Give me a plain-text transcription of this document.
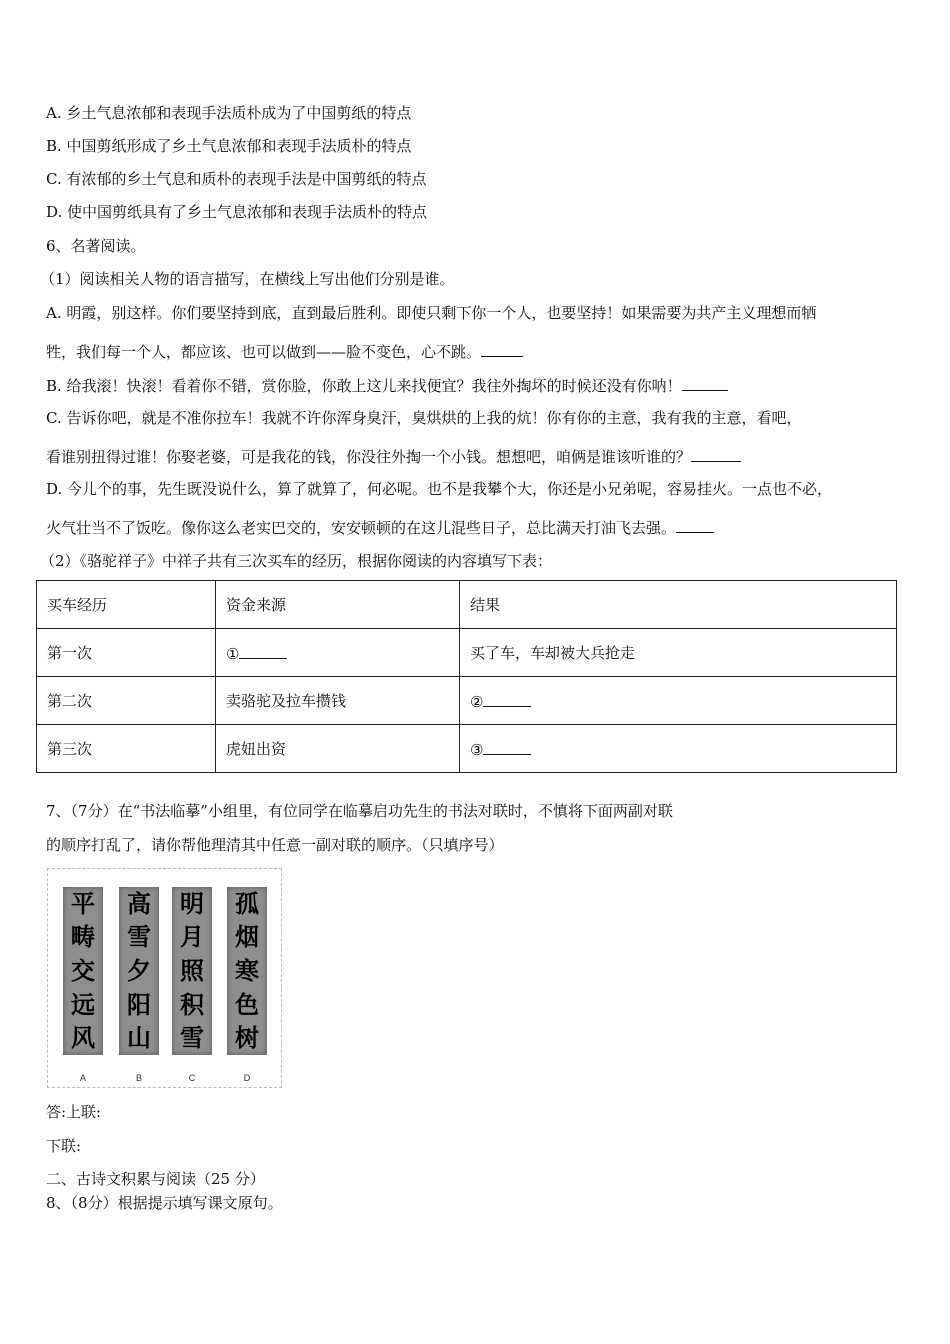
A. 乡土气息浓郁和表现手法质朴成为了中国剪纸的特点
B. 中国剪纸形成了乡土气息浓郁和表现手法质朴的特点
C. 有浓郁的乡土气息和质朴的表现手法是中国剪纸的特点
D. 使中国剪纸具有了乡土气息浓郁和表现手法质朴的特点
6、名著阅读。
（1）阅读相关人物的语言描写，在横线上写出他们分别是谁。
A. 明霞，别这样。你们要坚持到底，直到最后胜利。即使只剩下你一个人，也要坚持！如果需要为共产主义理想而牺
牲，我们每一个人，都应该、也可以做到——脸不变色，心不跳。
B. 给我滚！快滚！看着你不错，赏你脸，你敢上这儿来找便宜？我往外掏坏的时候还没有你呐！
C. 告诉你吧，就是不准你拉车！我就不许你浑身臭汗，臭烘烘的上我的炕！你有你的主意，我有我的主意，看吧，
看谁别扭得过谁！你娶老婆，可是我花的钱，你没往外掏一个小钱。想想吧，咱俩是谁该听谁的？
D. 今儿个的事，先生既没说什么，算了就算了，何必呢。也不是我攀个大，你还是小兄弟呢，容易挂火。一点也不必，
火气壮当不了饭吃。像你这么老实巴交的，安安顿顿的在这儿混些日子，总比满天打油飞去强。
（2）《骆驼祥子》中祥子共有三次买车的经历，根据你阅读的内容填写下表：
买车经历	资金来源	结果
第一次	①	买了车，车却被大兵抢走
第二次	卖骆驼及拉车攒钱	②
第三次	虎妞出资	③
7、（7分）在“书法临摹”小组里，有位同学在临摹启功先生的书法对联时，不慎将下面两副对联
的顺序打乱了，请你帮他理清其中任意一副对联的顺序。（只填序号）
平
畴
交
远
风
高
雪
夕
阳
山
明
月
照
积
雪
孤
烟
寒
色
树
A	B	C	D
答:上联:
下联:
二、古诗文积累与阅读（25 分）
8、（8分）根据提示填写课文原句。
